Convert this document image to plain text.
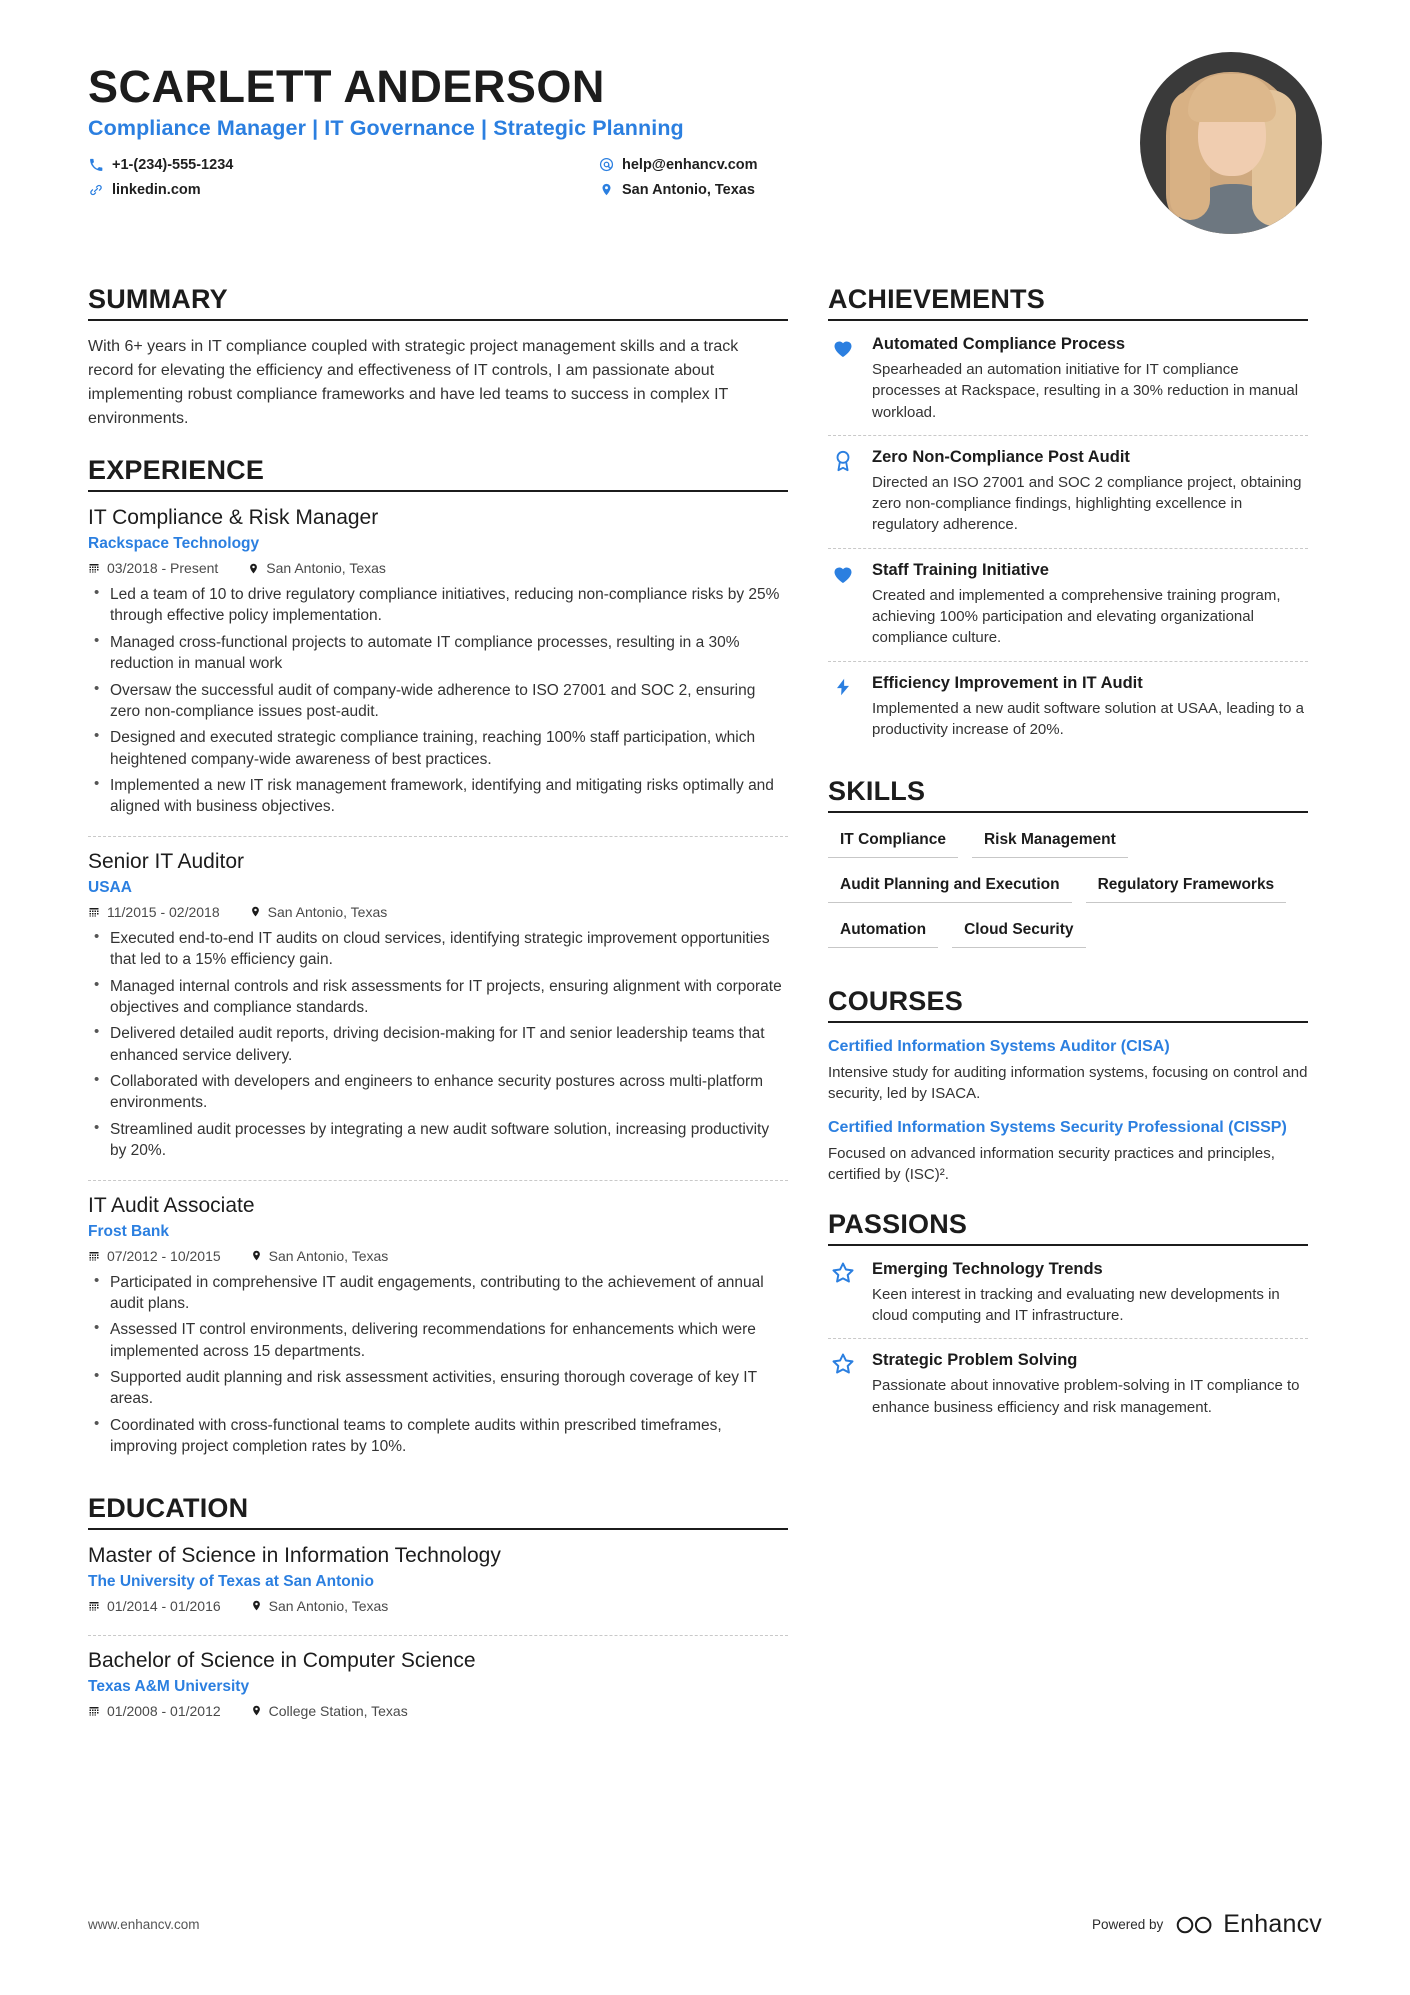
SCARLETT ANDERSON
Compliance Manager | IT Governance | Strategic Planning
+1-(234)-555-1234	help@enhancv.com
linkedin.com	San Antonio, Texas
SUMMARY
With 6+ years in IT compliance coupled with strategic project management skills and a track record for elevating the efficiency and effectiveness of IT controls, I am passionate about implementing robust compliance frameworks and have led teams to success in complex IT environments.
EXPERIENCE
IT Compliance & Risk Manager
Rackspace Technology
03/2018 - Present	San Antonio, Texas
• Led a team of 10 to drive regulatory compliance initiatives, reducing non-compliance risks by 25% through effective policy implementation.
• Managed cross-functional projects to automate IT compliance processes, resulting in a 30% reduction in manual work
• Oversaw the successful audit of company-wide adherence to ISO 27001 and SOC 2, ensuring zero non-compliance issues post-audit.
• Designed and executed strategic compliance training, reaching 100% staff participation, which heightened company-wide awareness of best practices.
• Implemented a new IT risk management framework, identifying and mitigating risks optimally and aligned with business objectives.
Senior IT Auditor
USAA
11/2015 - 02/2018	San Antonio, Texas
• Executed end-to-end IT audits on cloud services, identifying strategic improvement opportunities that led to a 15% efficiency gain.
• Managed internal controls and risk assessments for IT projects, ensuring alignment with corporate objectives and compliance standards.
• Delivered detailed audit reports, driving decision-making for IT and senior leadership teams that enhanced service delivery.
• Collaborated with developers and engineers to enhance security postures across multi-platform environments.
• Streamlined audit processes by integrating a new audit software solution, increasing productivity by 20%.
IT Audit Associate
Frost Bank
07/2012 - 10/2015	San Antonio, Texas
• Participated in comprehensive IT audit engagements, contributing to the achievement of annual audit plans.
• Assessed IT control environments, delivering recommendations for enhancements which were implemented across 15 departments.
• Supported audit planning and risk assessment activities, ensuring thorough coverage of key IT areas.
• Coordinated with cross-functional teams to complete audits within prescribed timeframes, improving project completion rates by 10%.
EDUCATION
Master of Science in Information Technology
The University of Texas at San Antonio
01/2014 - 01/2016	San Antonio, Texas
Bachelor of Science in Computer Science
Texas A&M University
01/2008 - 01/2012	College Station, Texas
ACHIEVEMENTS
Automated Compliance Process
Spearheaded an automation initiative for IT compliance processes at Rackspace, resulting in a 30% reduction in manual workload.
Zero Non-Compliance Post Audit
Directed an ISO 27001 and SOC 2 compliance project, obtaining zero non-compliance findings, highlighting excellence in regulatory adherence.
Staff Training Initiative
Created and implemented a comprehensive training program, achieving 100% participation and elevating organizational compliance culture.
Efficiency Improvement in IT Audit
Implemented a new audit software solution at USAA, leading to a productivity increase of 20%.
SKILLS
IT Compliance	Risk Management
Audit Planning and Execution	Regulatory Frameworks
Automation	Cloud Security
COURSES
Certified Information Systems Auditor (CISA)
Intensive study for auditing information systems, focusing on control and security, led by ISACA.
Certified Information Systems Security Professional (CISSP)
Focused on advanced information security practices and principles, certified by (ISC)².
PASSIONS
Emerging Technology Trends
Keen interest in tracking and evaluating new developments in cloud computing and IT infrastructure.
Strategic Problem Solving
Passionate about innovative problem-solving in IT compliance to enhance business efficiency and risk management.
www.enhancv.com	Powered by Enhancv
